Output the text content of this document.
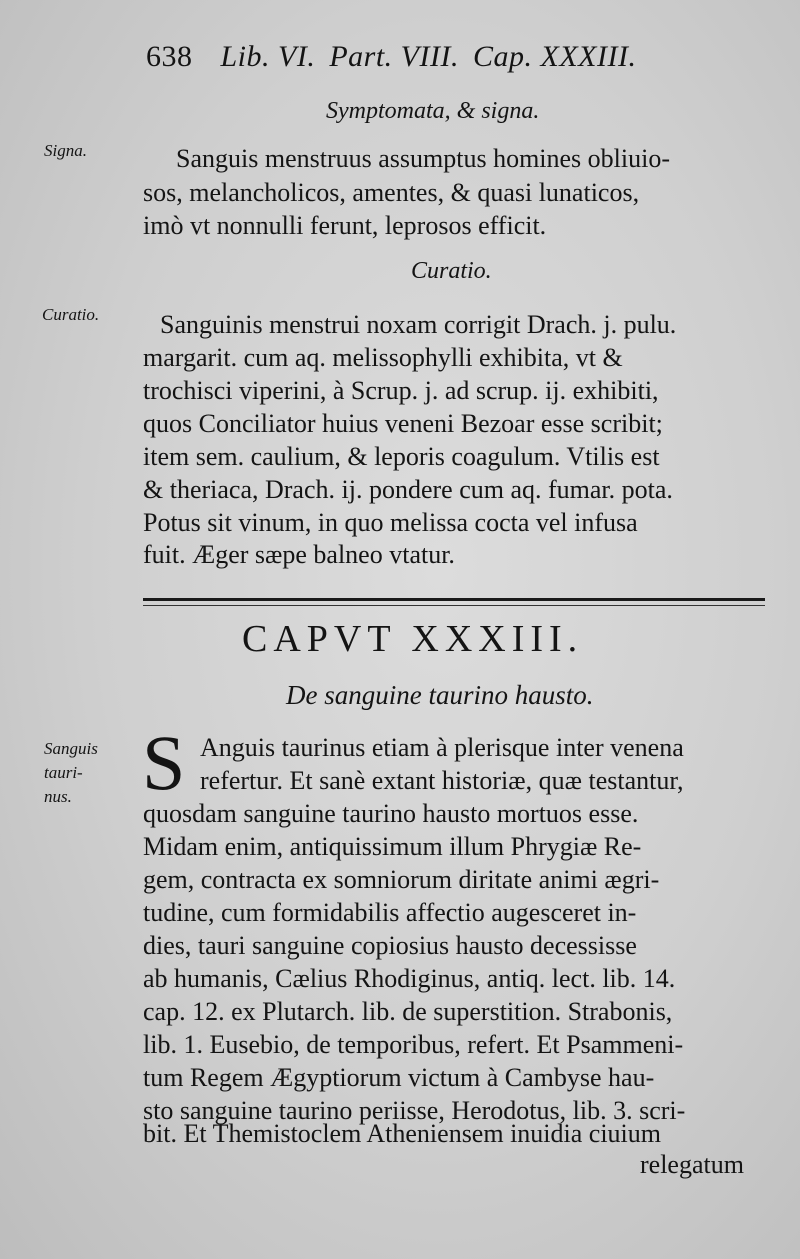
638 Lib. VI. Part. VIII. Cap. XXXIII.
Symptomata, & signa.
Signa.	Sanguis menstruus assumptus homines obliuio-
sos, melancholicos, amentes, & quasi lunaticos,
imò vt nonnulli ferunt, leprosos efficit.
Curatio.
Curatio. Sanguinis menstrui noxam corrigit Drach. j. pulu.
margarit. cum aq. melissophylli exhibita, vt &
trochisci viperini, à Scrup. j. ad scrup. ij. exhibiti,
quos Conciliator huius veneni Bezoar esse scribit;
item sem. caulium, & leporis coagulum. Vtilis est
& theriaca, Drach. ij. pondere cum aq. fumar. pota.
Potus sit vinum, in quo melissa cocta vel infusa
fuit. Æger sæpe balneo vtatur.
CAPVT XXXIII.
De sanguine taurino hausto.
Sanguis
tauri-
nus. S Anguis taurinus etiam à plerisque inter venena
refertur. Et sanè extant historiæ, quæ testantur,
quosdam sanguine taurino hausto mortuos esse.
Midam enim, antiquissimum illum Phrygiæ Re-
gem, contracta ex somniorum diritate animi ægri-
tudine, cum formidabilis affectio augesceret in-
dies, tauri sanguine copiosius hausto decessisse
ab humanis, Cælius Rhodiginus, antiq. lect. lib. 14.
cap. 12. ex Plutarch. lib. de superstition. Strabonis,
lib. 1. Eusebio, de temporibus, refert. Et Psammeni-
tum Regem Ægyptiorum victum à Cambyse hau-
sto sanguine taurino periisse, Herodotus, lib. 3. scri-
bit. Et Themistoclem Atheniensem inuidia ciuium
relegatum
